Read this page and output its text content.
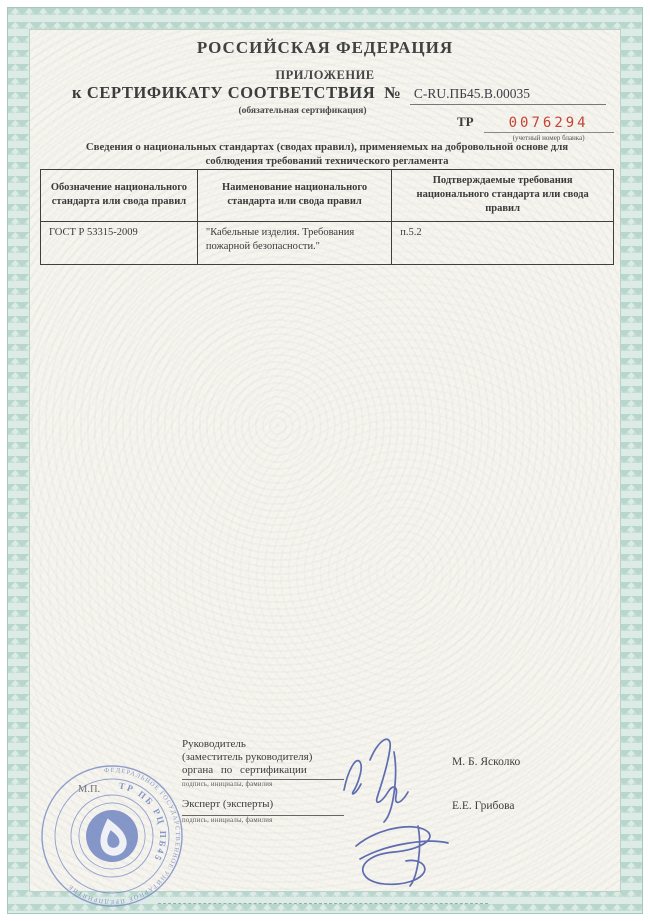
РОССИЙСКАЯ ФЕДЕРАЦИЯ
ПРИЛОЖЕНИЕ
к СЕРТИФИКАТУ СООТВЕТСТВИЯ № C-RU.ПБ45.В.00035
(обязательная сертификация)
ТР	0076294
(учетный номер бланка)
Сведения о национальных стандартах (сводах правил), применяемых на добровольной основе для соблюдения требований технического регламента
Обозначение национального стандарта или свода правил	Наименование национального стандарта или свода правил	Подтверждаемые требования национального стандарта или свода правил
ГОСТ Р 53315-2009	"Кабельные изделия. Требования пожарной безопасности."	п.5.2
Руководитель
(заместитель руководителя)
органа по сертификации
подпись, инициалы, фамилия
Эксперт (эксперты)
подпись, инициалы, фамилия
М. Б. Ясколко
Е.Е. Грибова
ФЕДЕРАЛЬНОЕ ГОСУДАРСТВЕННОЕ УНИТАРНОЕ ПРЕДПРИЯТИЕ
ТР ПБ РЦ ПБ45
М.П.
